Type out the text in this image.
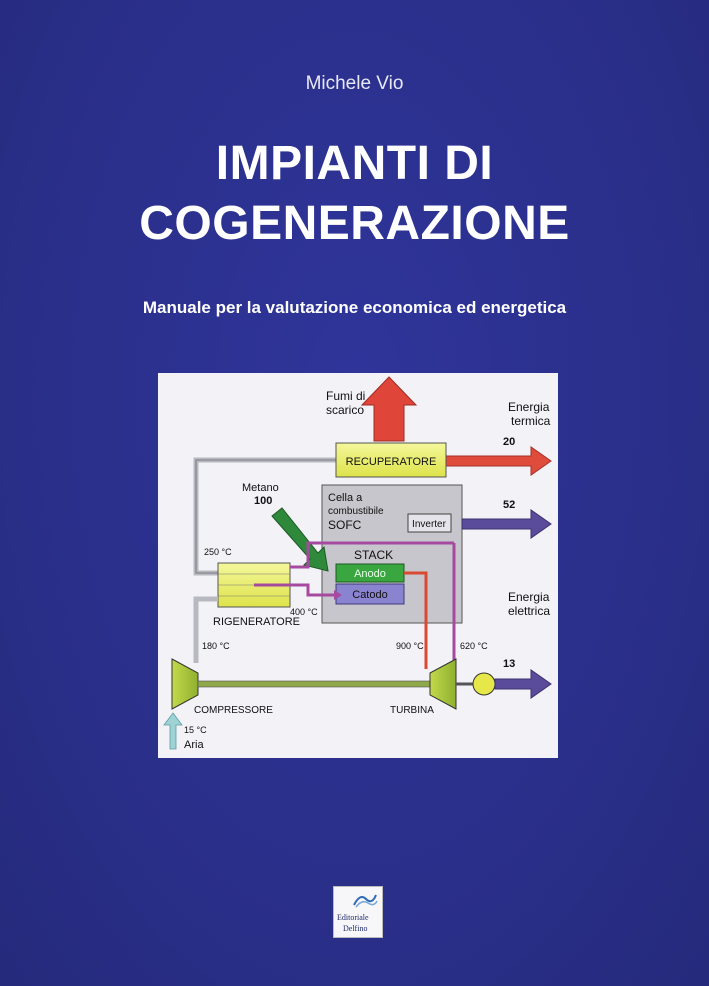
Michele Vio
IMPIANTI DI
COGENERAZIONE
Manuale per la valutazione economica ed energetica
Fumi di
scarico	Energia
termica
20
RECUPERATORE
Cella a
combustibile
SOFC	Inverter
52
Metano
100
STACK
Anodo
Catodo
250 °C
RIGENERATORE
400 °C
Energia
elettrica
180 °C	900 °C	620 °C
13
COMPRESSORE	TURBINA
15 °C
Aria
Editoriale
Delfino
